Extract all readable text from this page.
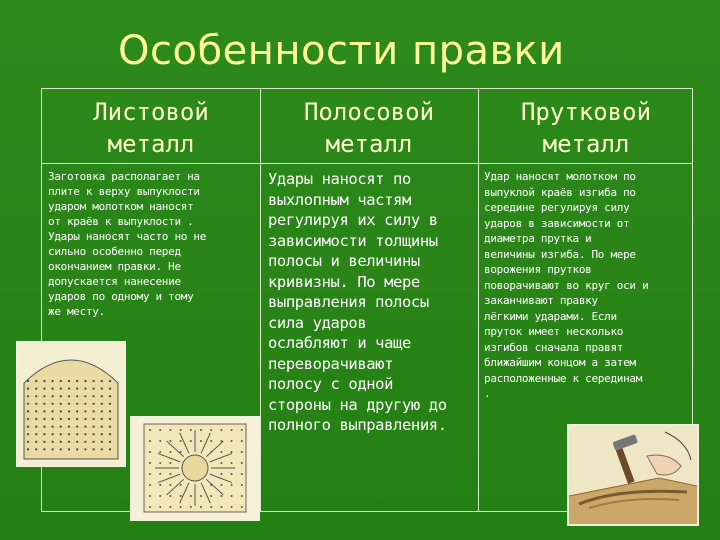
Особенности правки
Листовой
металл
Полосовой
металл
Прутковой
металл
Заготовка располагает на
плите к верху выпуклости
ударом молотком наносят
от краёв к выпуклости .
Удары наносят часто но не
сильно особенно перед
окончанием правки. Не
допускается нанесение
ударов по одному и тому
же месту.
Удары наносят по
выхлопным частям
регулируя их силу в
зависимости толщины
полосы и величины
кривизны. По мере
выправления полосы
сила ударов
ослабляют и чаще
переворачивают
полосу с одной
стороны на другую до
полного выправления.
Удар наносят молотком по
выпуклой краёв изгиба по
середине регулируя силу
ударов в зависимости от
диаметра прутка и
величины изгиба. По мере
ворожения прутков
поворачивают во круг оси и
заканчивают правку
лёгкими ударами. Если
пруток имеет несколько
изгибов сначала правят
ближайшим концом а затем
расположенные к серединам
.
